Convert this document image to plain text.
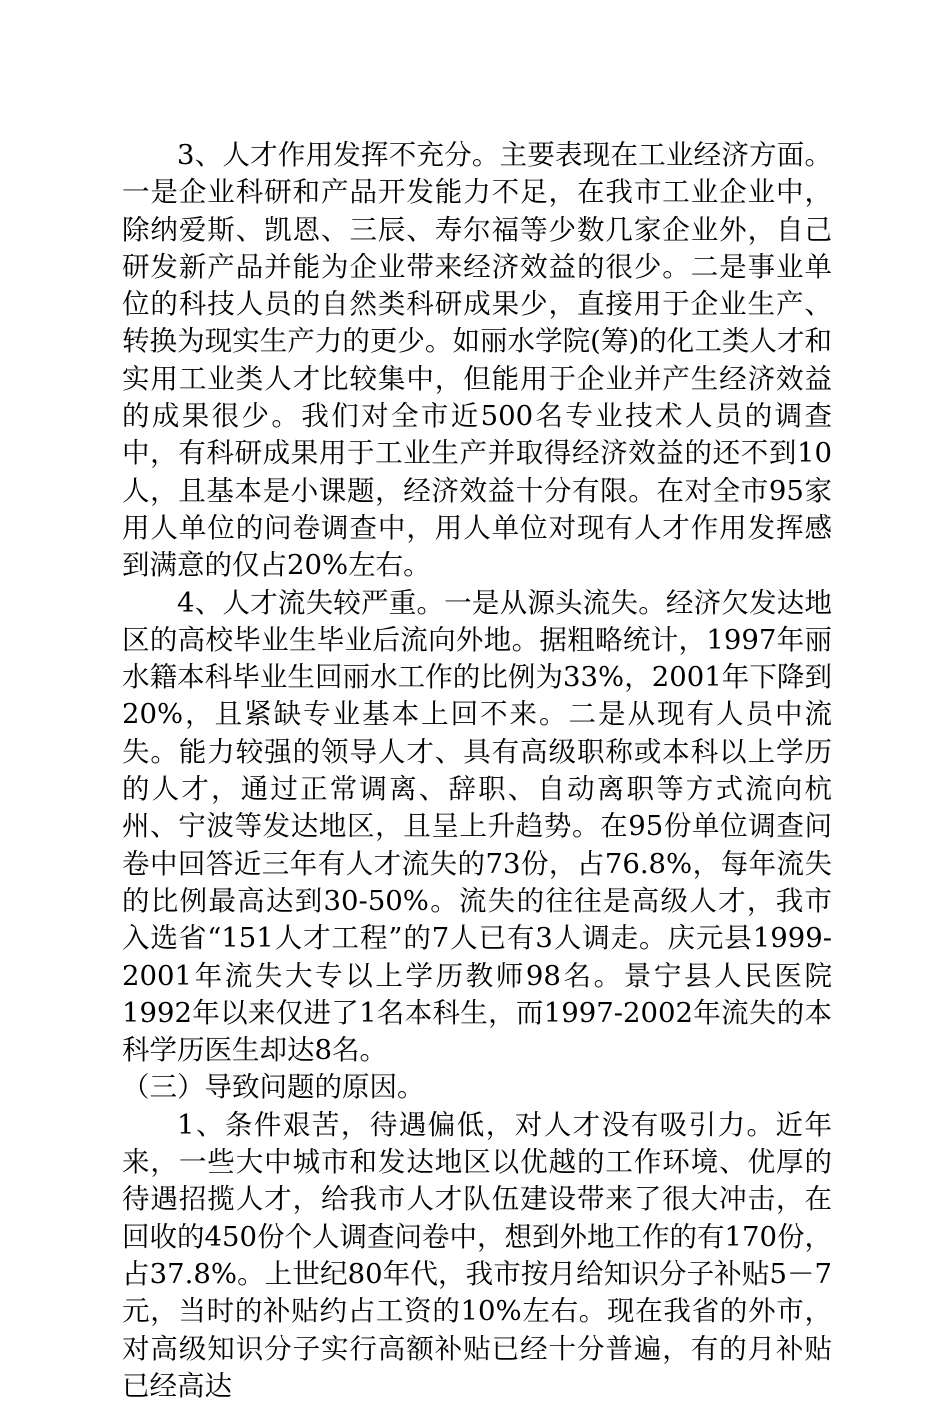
3、人才作用发挥不充分。主要表现在工业经济方面。一是企业科研和产品开发能力不足，在我市工业企业中，除纳爱斯、凯恩、三辰、寿尔福等少数几家企业外，自己研发新产品并能为企业带来经济效益的很少。二是事业单位的科技人员的自然类科研成果少，直接用于企业生产、转换为现实生产力的更少。如丽水学院(筹)的化工类人才和实用工业类人才比较集中，但能用于企业并产生经济效益的成果很少。我们对全市近500名专业技术人员的调查中，有科研成果用于工业生产并取得经济效益的还不到10 人，且基本是小课题，经济效益十分有限。在对全市95家用人单位的问卷调查中，用人单位对现有人才作用发挥感到满意的仅占20%左右。

4、人才流失较严重。一是从源头流失。经济欠发达地区的高校毕业生毕业后流向外地。据粗略统计，1997年丽水籍本科毕业生回丽水工作的比例为33%，2001年下降到20%，且紧缺专业基本上回不来。二是从现有人员中流失。能力较强的领导人才、具有高级职称或本科以上学历的人才，通过正常调离、辞职、自动离职等方式流向杭州、宁波等发达地区，且呈上升趋势。在95份单位调查问卷中回答近三年有人才流失的73份，占76.8%，每年流失的比例最高达到30-50%。流失的往往是高级人才，我市入选省“151人才工程”的7人已有3人调走。庆元县1999-2001年流失大专以上学历教师98名。景宁县人民医院1992年以来仅进了1名本科生，而1997-2002年流失的本科学历医生却达8名。

（三）导致问题的原因。

1、条件艰苦，待遇偏低，对人才没有吸引力。近年来，一些大中城市和发达地区以优越的工作环境、优厚的待遇招揽人才，给我市人才队伍建设带来了很大冲击，在回收的450份个人调查问卷中，想到外地工作的有170份，占37.8%。上世纪80年代，我市按月给知识分子补贴5－7元，当时的补贴约占工资的10%左右。现在我省的外市，对高级知识分子实行高额补贴已经十分普遍，有的月补贴已经高达
